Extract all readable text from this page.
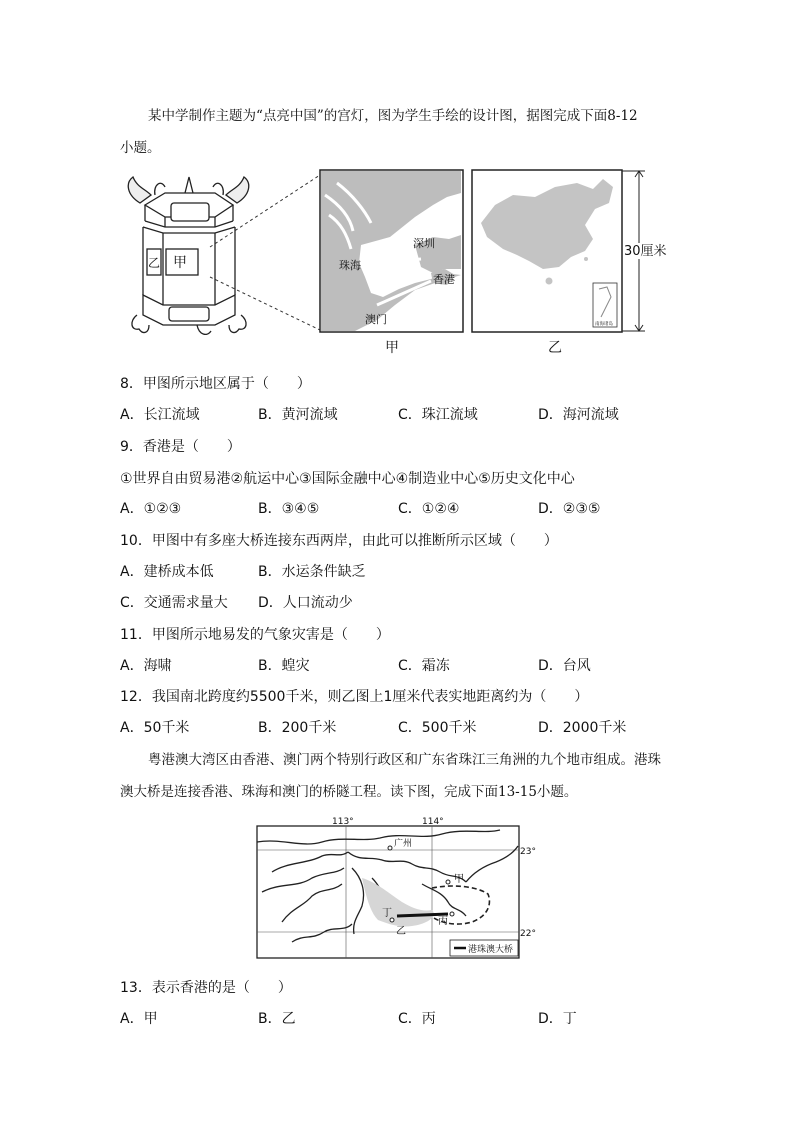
某中学制作主题为“点亮中国”的宫灯，图为学生手绘的设计图，据图完成下面8-12
小题。
甲
乙	珠海
深圳
香港
澳门	南海诸岛
30厘米
甲	乙
8．甲图所示地区属于（　　）
A．长江流域	B．黄河流域	C．珠江流域	D．海河流域
9．香港是（　　）
①世界自由贸易港②航运中心③国际金融中心④制造业中心⑤历史文化中心
A．①②③	B．③④⑤	C．①②④	D．②③⑤
10．甲图中有多座大桥连接东西两岸，由此可以推断所示区域（　　）
A．建桥成本低	B．水运条件缺乏
C．交通需求量大 D．人口流动少
11．甲图所示地易发的气象灾害是（　　）
A．海啸	B．蝗灾	C．霜冻	D．台风
12．我国南北跨度约5500千米，则乙图上1厘米代表实地距离约为（　　）
A．50千米	B．200千米	C．500千米	D．2000千米
粤港澳大湾区由香港、澳门两个特别行政区和广东省珠江三角洲的九个地市组成。港珠
澳大桥是连接香港、珠海和澳门的桥隧工程。读下图，完成下面13-15小题。
113°	114°
23°
22°
广州
甲
乙
丙
丁
港珠澳大桥
13．表示香港的是（　　）
A．甲	B．乙	C．丙	D．丁
